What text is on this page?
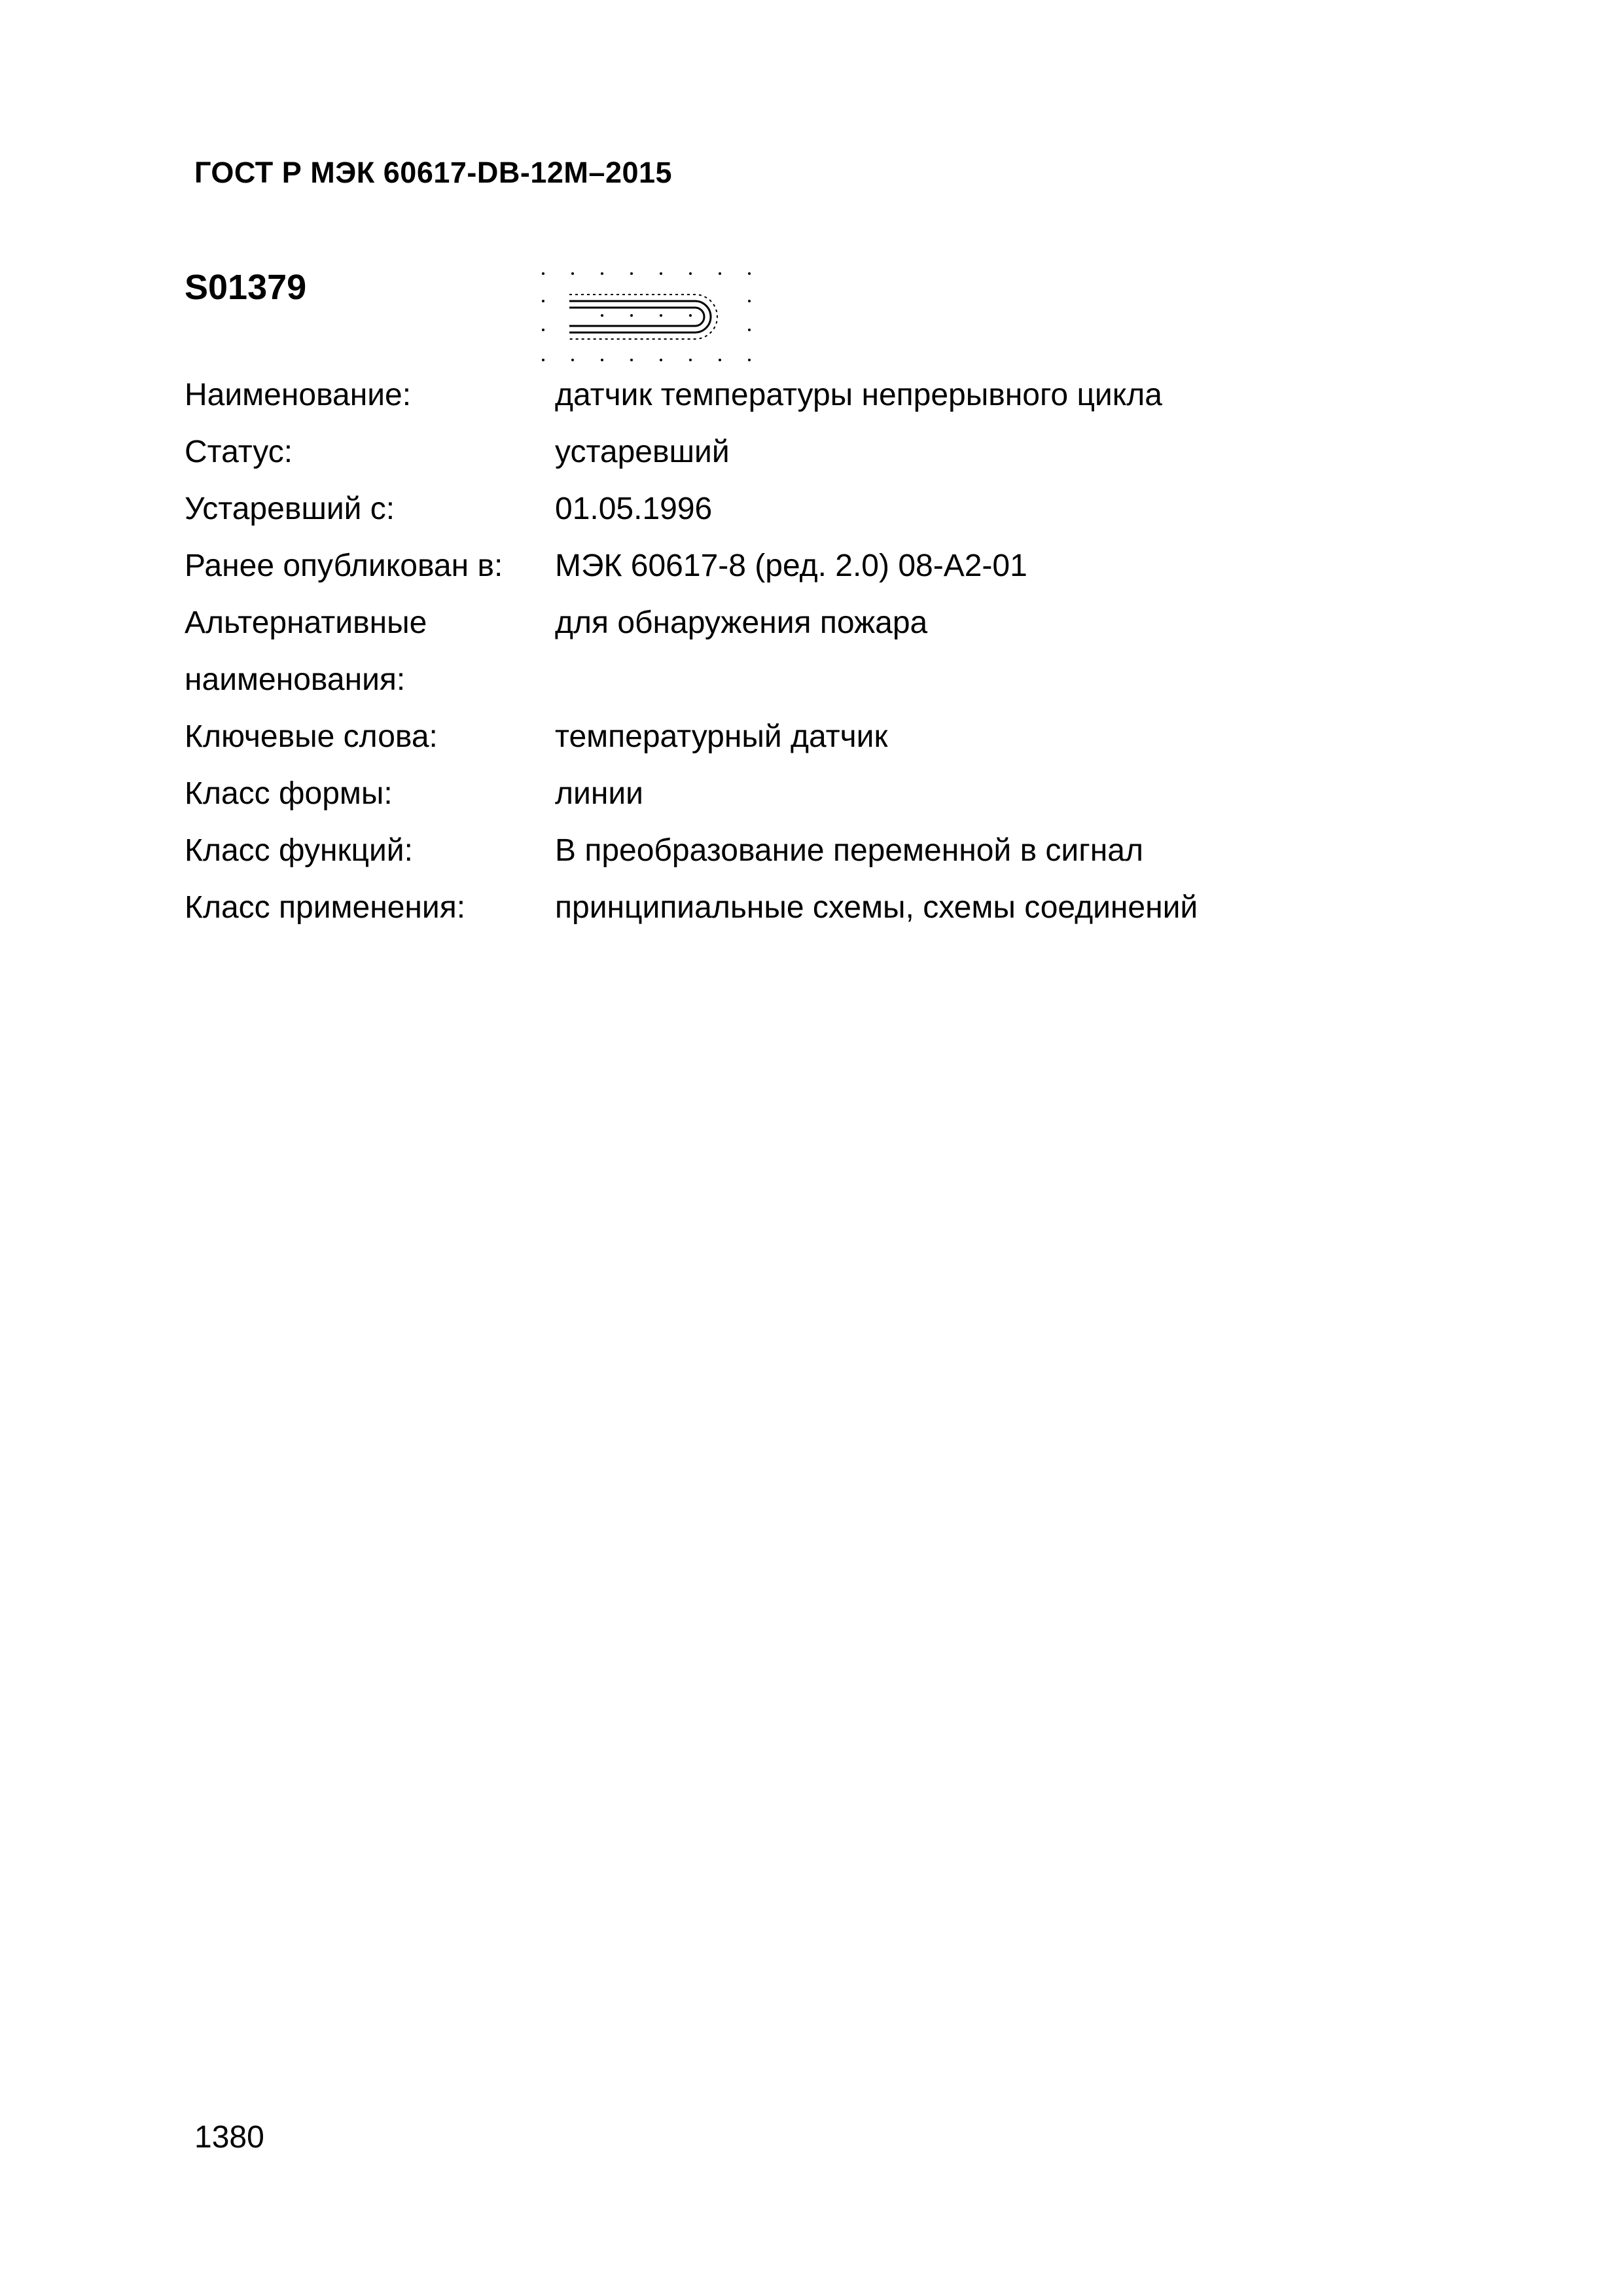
ГОСТ Р МЭК 60617-DB-12M–2015
S01379
Наименование:	датчик температуры непрерывного цикла
Статус:	устаревший
Устаревший с:	01.05.1996
Ранее опубликован в:	МЭК 60617-8 (ред. 2.0) 08-A2-01
Альтернативные наименования:
для обнаружения пожара
Ключевые слова:	температурный датчик
Класс формы:	линии
Класс функций:	B преобразование переменной в сигнал
Класс применения:	принципиальные схемы, схемы соединений
1380
